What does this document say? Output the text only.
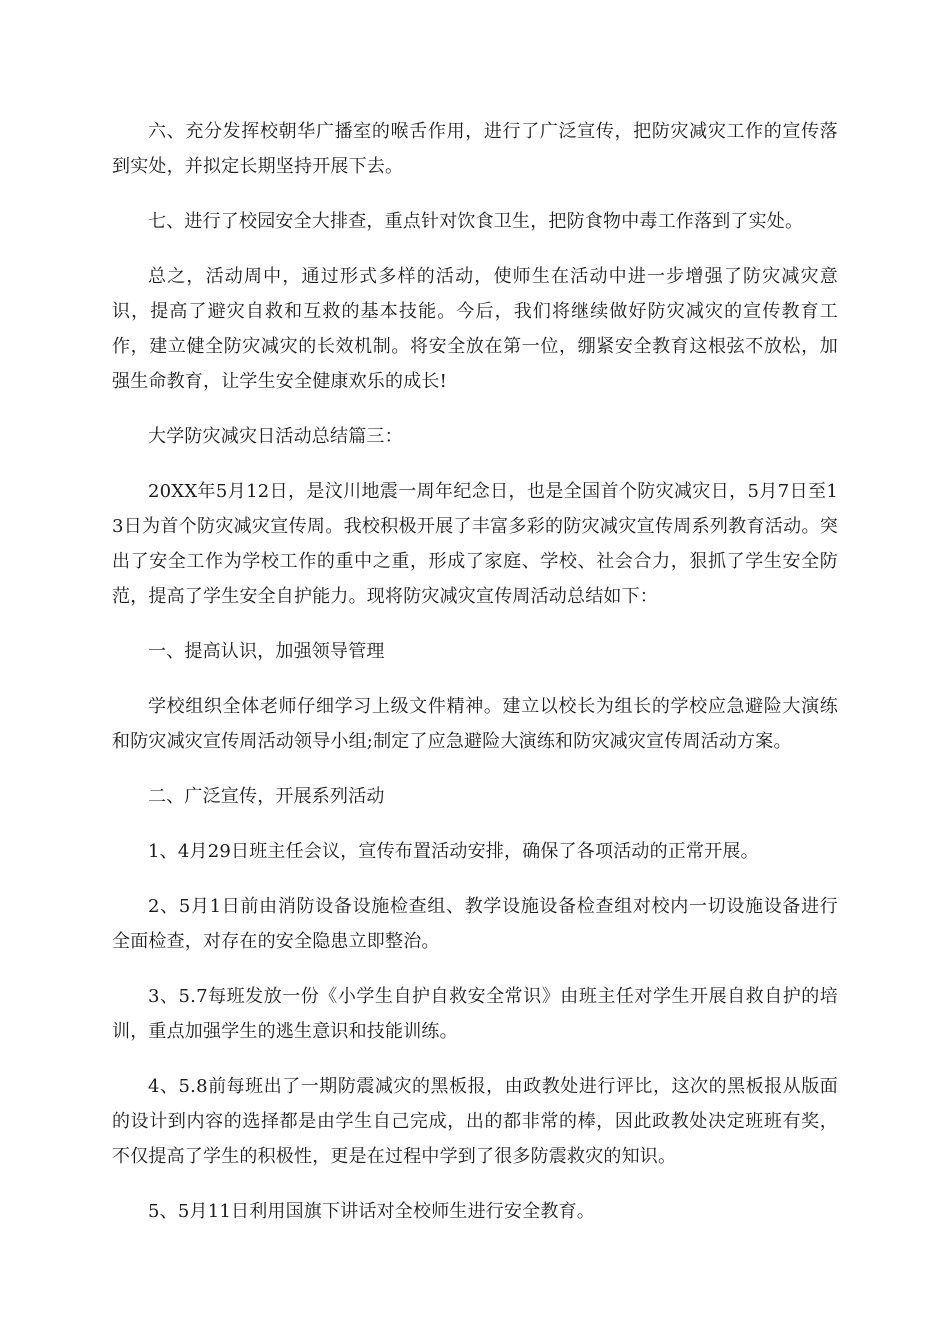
六、充分发挥校朝华广播室的喉舌作用，进行了广泛宣传，把防灾减灾工作的宣传落到实处，并拟定长期坚持开展下去。

七、进行了校园安全大排查，重点针对饮食卫生，把防食物中毒工作落到了实处。

总之，活动周中，通过形式多样的活动，使师生在活动中进一步增强了防灾减灾意识，提高了避灾自救和互救的基本技能。今后，我们将继续做好防灾减灾的宣传教育工作，建立健全防灾减灾的长效机制。将安全放在第一位，绷紧安全教育这根弦不放松，加强生命教育，让学生安全健康欢乐的成长!

大学防灾减灾日活动总结篇三：

20XX年5月12日，是汶川地震一周年纪念日，也是全国首个防灾减灾日，5月7日至13日为首个防灾减灾宣传周。我校积极开展了丰富多彩的防灾减灾宣传周系列教育活动。突出了安全工作为学校工作的重中之重，形成了家庭、学校、社会合力，狠抓了学生安全防范，提高了学生安全自护能力。现将防灾减灾宣传周活动总结如下：

一、提高认识，加强领导管理

学校组织全体老师仔细学习上级文件精神。建立以校长为组长的学校应急避险大演练和防灾减灾宣传周活动领导小组;制定了应急避险大演练和防灾减灾宣传周活动方案。

二、广泛宣传，开展系列活动

1、4月29日班主任会议，宣传布置活动安排，确保了各项活动的正常开展。

2、5月1日前由消防设备设施检查组、教学设施设备检查组对校内一切设施设备进行全面检查，对存在的安全隐患立即整治。

3、5.7每班发放一份《小学生自护自救安全常识》由班主任对学生开展自救自护的培训，重点加强学生的逃生意识和技能训练。

4、5.8前每班出了一期防震减灾的黑板报，由政教处进行评比，这次的黑板报从版面的设计到内容的选择都是由学生自己完成，出的都非常的棒，因此政教处决定班班有奖，不仅提高了学生的积极性，更是在过程中学到了很多防震救灾的知识。

5、5月11日利用国旗下讲话对全校师生进行安全教育。
